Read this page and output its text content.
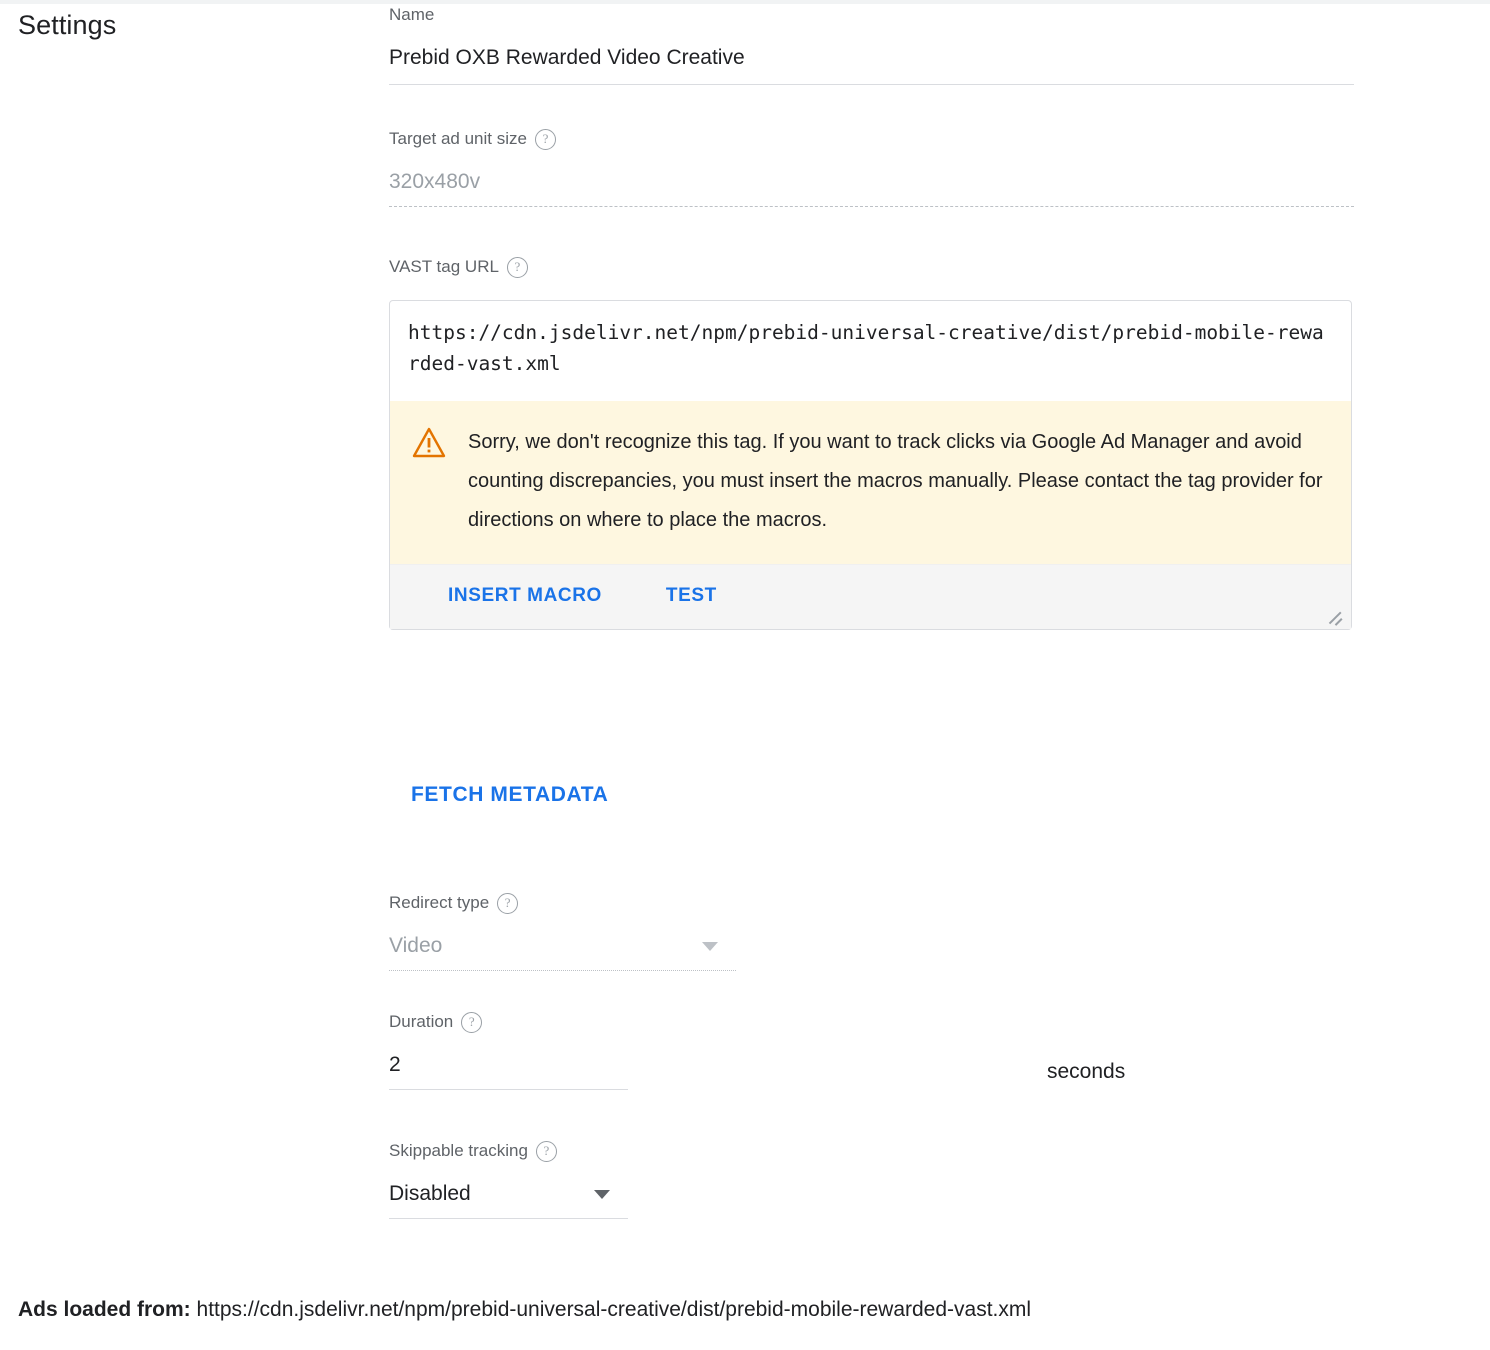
Settings	Name
Prebid OXB Rewarded Video Creative
Target ad unit size	?
320x480v
VAST tag URL	?
https://cdn.jsdelivr.net/npm/prebid-universal-creative/dist/prebid-mobile-rewarded-vast.xml
Sorry, we don't recognize this tag. If you want to track clicks via Google Ad Manager and avoid counting discrepancies, you must insert the macros manually. Please contact the tag provider for directions on where to place the macros.
INSERT MACRO	TEST
FETCH METADATA
Redirect type	?
Video
Duration	?
2	seconds
Skippable tracking	?
Disabled
Ads loaded from: https://cdn.jsdelivr.net/npm/prebid-universal-creative/dist/prebid-mobile-rewarded-vast.xml
